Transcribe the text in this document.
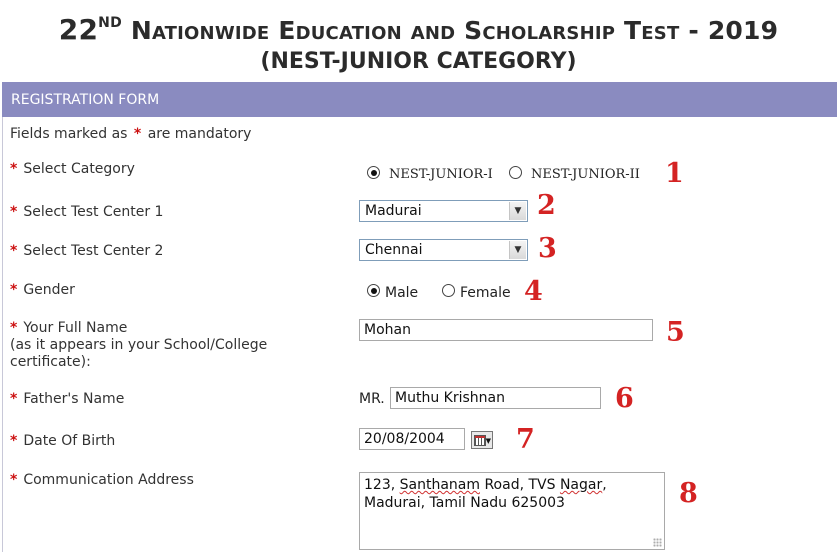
22ND Nationwide Education and Scholarship Test - 2019
(NEST-JUNIOR CATEGORY)
REGISTRATION FORM
Fields marked as * are mandatory
* Select Category	NEST-JUNIOR-I	NEST-JUNIOR-II 1
* Select Test Center 1	Madurai	▼ 2
* Select Test Center 2	Chennai	▼ 3
* Gender	Male	Female 4
* Your Full Name
(as it appears in your School/College
certificate):
Mohan	5
* Father's Name	MR. Muthu Krishnan	6
* Date Of Birth	20/08/2004	▼ 7
* Communication Address	123, Santhanam Road, TVS Nagar,
Madurai, Tamil Nadu 625003	8
